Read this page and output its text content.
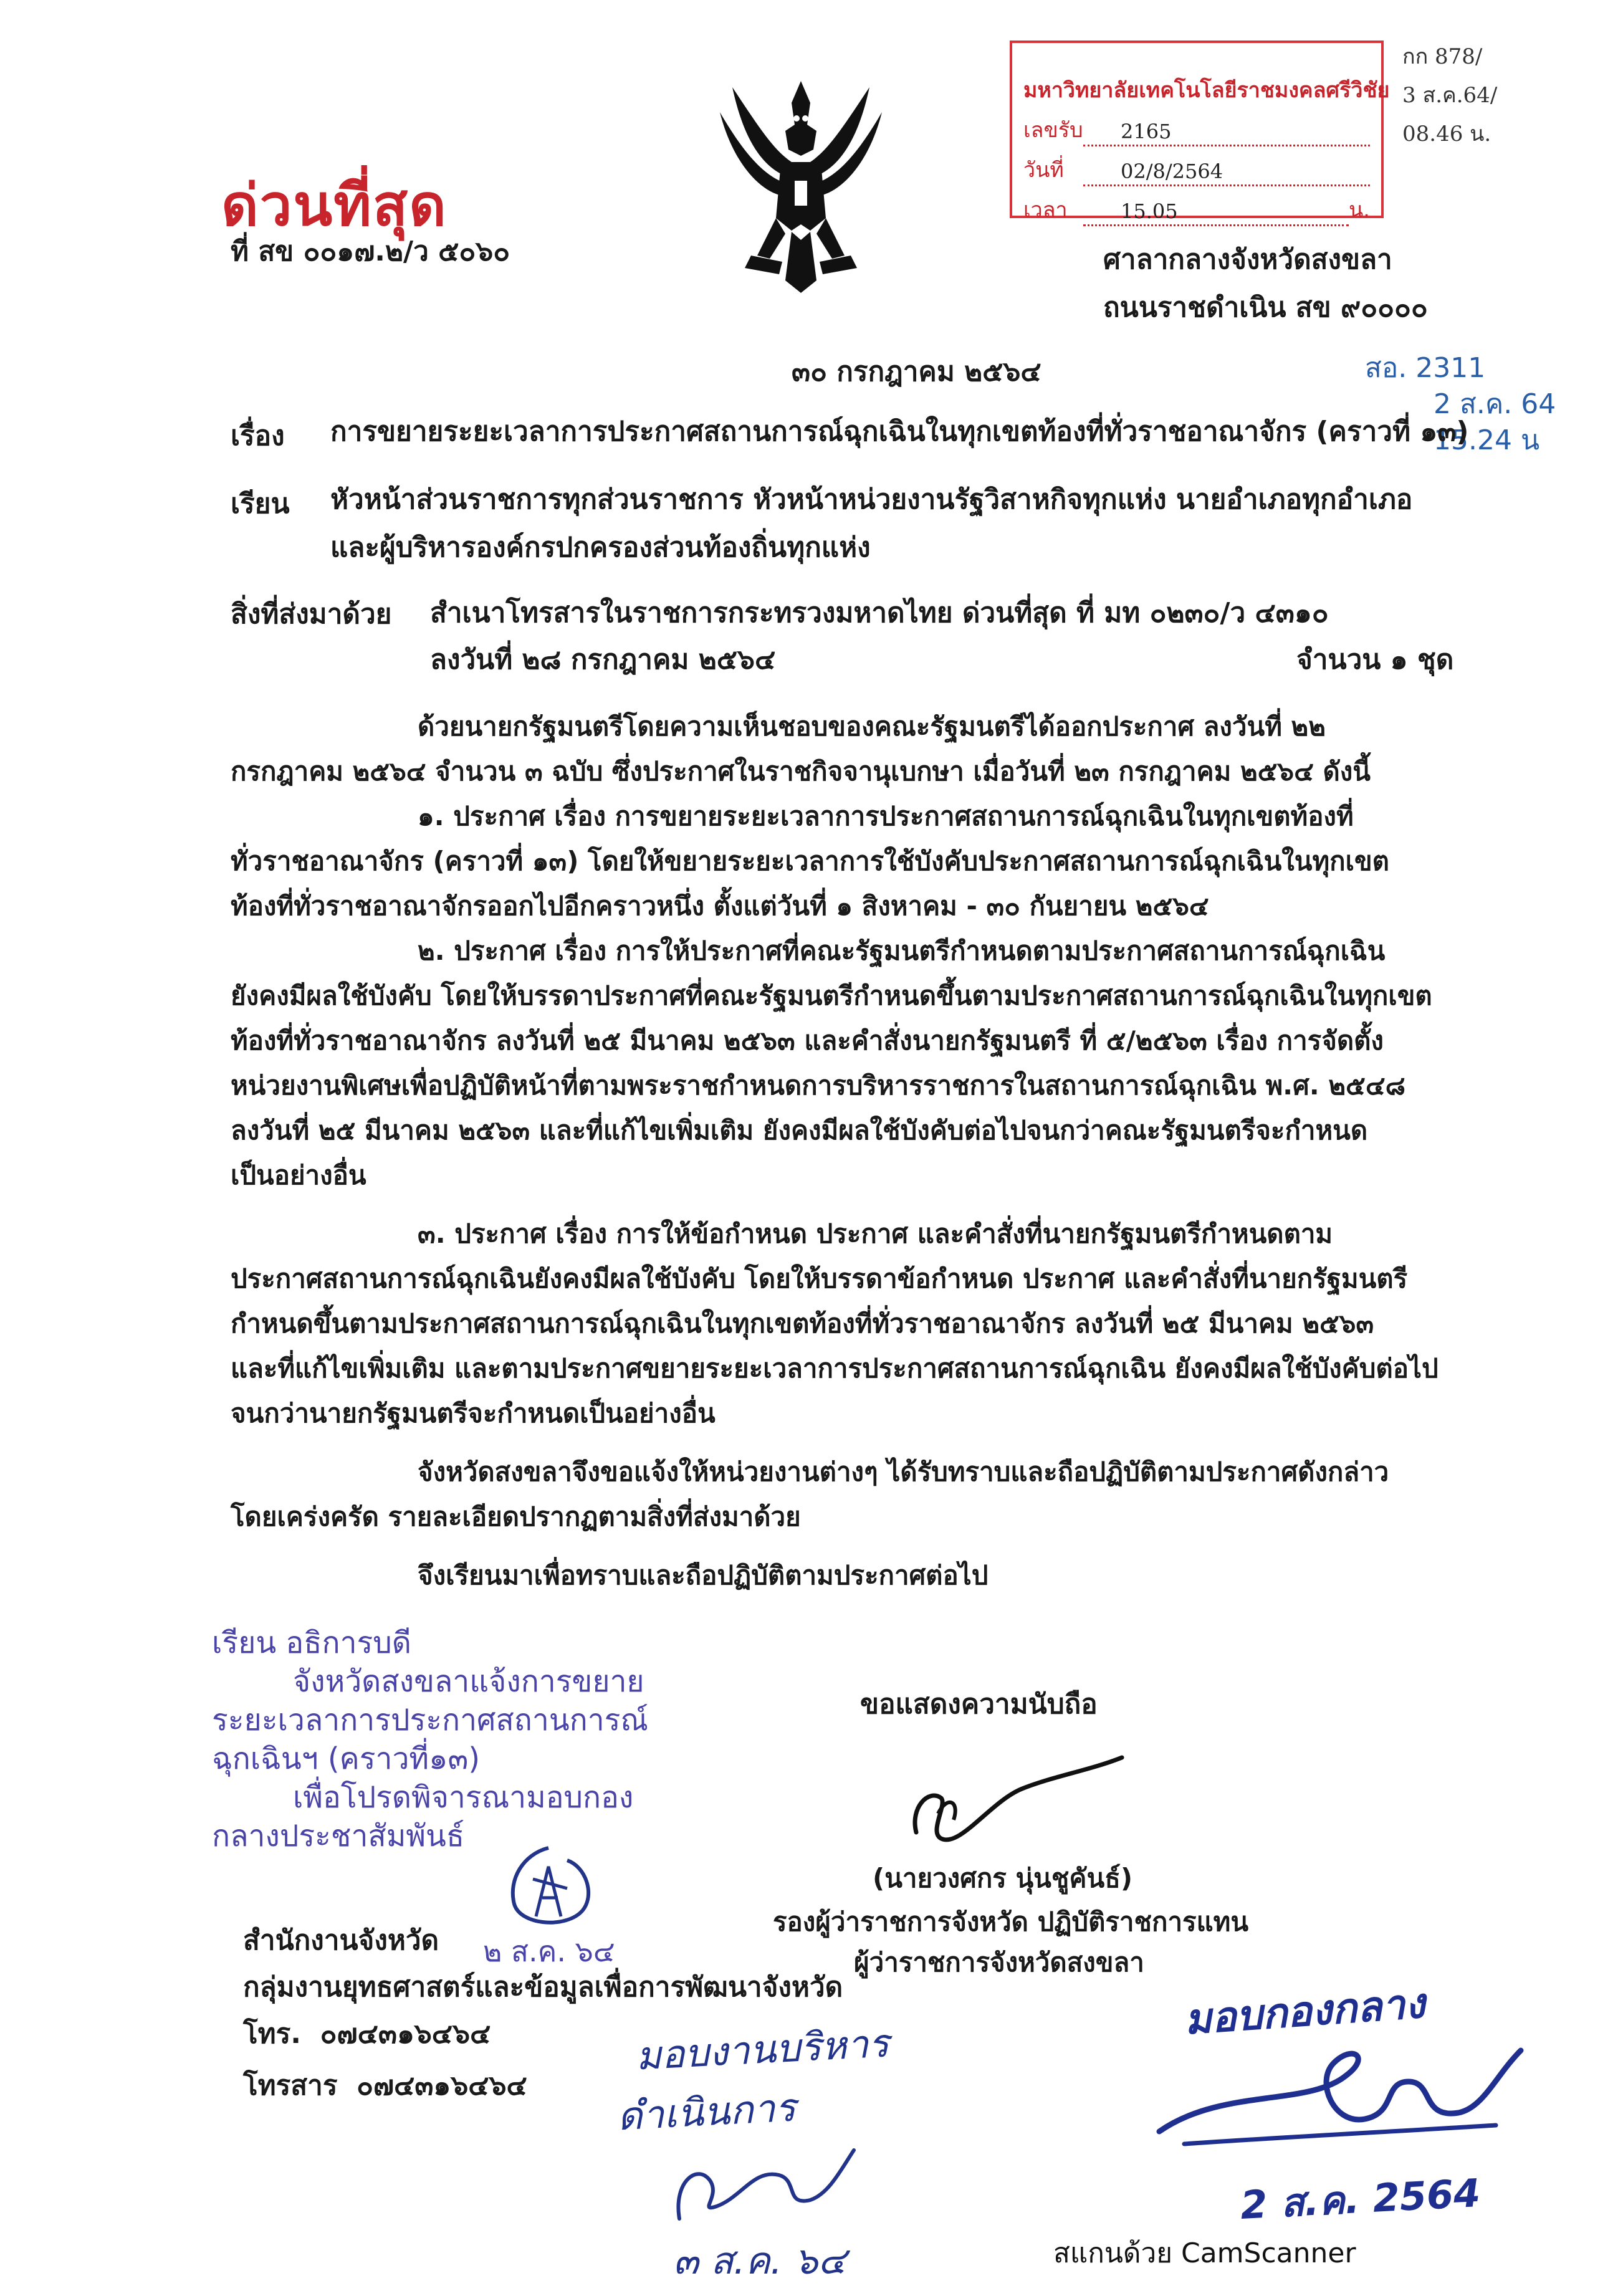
ด่วนที่สุด
ที่ สข ๐๐๑๗.๒/ว ๕๐๖๐
มหาวิทยาลัยเทคโนโลยีราชมงคลศรีวิชัย
เลขรับ	2165
วันที่	02/8/2564
เวลา	15.05	น.
กก 878/
3 ส.ค.64/
08.46 น.
ศาลากลางจังหวัดสงขลา
ถนนราชดำเนิน สข ๙๐๐๐๐
๓๐ กรกฎาคม ๒๕๖๔	สอ. 2311
2 ส.ค. 64
15.24 น
เรื่อง การขยายระยะเวลาการประกาศสถานการณ์ฉุกเฉินในทุกเขตท้องที่ทั่วราชอาณาจักร (คราวที่ ๑๓)
เรียน หัวหน้าส่วนราชการทุกส่วนราชการ หัวหน้าหน่วยงานรัฐวิสาหกิจทุกแห่ง นายอำเภอทุกอำเภอ
และผู้บริหารองค์กรปกครองส่วนท้องถิ่นทุกแห่ง
สิ่งที่ส่งมาด้วย สำเนาโทรสารในราชการกระทรวงมหาดไทย ด่วนที่สุด ที่ มท ๐๒๓๐/ว ๔๓๑๐
ลงวันที่ ๒๘ กรกฎาคม ๒๕๖๔	จำนวน ๑ ชุด
ด้วยนายกรัฐมนตรีโดยความเห็นชอบของคณะรัฐมนตรีได้ออกประกาศ ลงวันที่ ๒๒
กรกฎาคม ๒๕๖๔ จำนวน ๓ ฉบับ ซึ่งประกาศในราชกิจจานุเบกษา เมื่อวันที่ ๒๓ กรกฎาคม ๒๕๖๔ ดังนี้
๑. ประกาศ เรื่อง การขยายระยะเวลาการประกาศสถานการณ์ฉุกเฉินในทุกเขตท้องที่
ทั่วราชอาณาจักร (คราวที่ ๑๓) โดยให้ขยายระยะเวลาการใช้บังคับประกาศสถานการณ์ฉุกเฉินในทุกเขต
ท้องที่ทั่วราชอาณาจักรออกไปอีกคราวหนึ่ง ตั้งแต่วันที่ ๑ สิงหาคม - ๓๐ กันยายน ๒๕๖๔
๒. ประกาศ เรื่อง การให้ประกาศที่คณะรัฐมนตรีกำหนดตามประกาศสถานการณ์ฉุกเฉิน
ยังคงมีผลใช้บังคับ โดยให้บรรดาประกาศที่คณะรัฐมนตรีกำหนดขึ้นตามประกาศสถานการณ์ฉุกเฉินในทุกเขต
ท้องที่ทั่วราชอาณาจักร ลงวันที่ ๒๕ มีนาคม ๒๕๖๓ และคำสั่งนายกรัฐมนตรี ที่ ๕/๒๕๖๓ เรื่อง การจัดตั้ง
หน่วยงานพิเศษเพื่อปฏิบัติหน้าที่ตามพระราชกำหนดการบริหารราชการในสถานการณ์ฉุกเฉิน พ.ศ. ๒๕๔๘
ลงวันที่ ๒๕ มีนาคม ๒๕๖๓ และที่แก้ไขเพิ่มเติม ยังคงมีผลใช้บังคับต่อไปจนกว่าคณะรัฐมนตรีจะกำหนด
เป็นอย่างอื่น
๓. ประกาศ เรื่อง การให้ข้อกำหนด ประกาศ และคำสั่งที่นายกรัฐมนตรีกำหนดตาม
ประกาศสถานการณ์ฉุกเฉินยังคงมีผลใช้บังคับ โดยให้บรรดาข้อกำหนด ประกาศ และคำสั่งที่นายกรัฐมนตรี
กำหนดขึ้นตามประกาศสถานการณ์ฉุกเฉินในทุกเขตท้องที่ทั่วราชอาณาจักร ลงวันที่ ๒๕ มีนาคม ๒๕๖๓
และที่แก้ไขเพิ่มเติม และตามประกาศขยายระยะเวลาการประกาศสถานการณ์ฉุกเฉิน ยังคงมีผลใช้บังคับต่อไป
จนกว่านายกรัฐมนตรีจะกำหนดเป็นอย่างอื่น
จังหวัดสงขลาจึงขอแจ้งให้หน่วยงานต่างๆ ได้รับทราบและถือปฏิบัติตามประกาศดังกล่าว
โดยเคร่งครัด รายละเอียดปรากฏตามสิ่งที่ส่งมาด้วย
จึงเรียนมาเพื่อทราบและถือปฏิบัติตามประกาศต่อไป
เรียน อธิการบดี
จังหวัดสงขลาแจ้งการขยาย
ระยะเวลาการประกาศสถานการณ์
ฉุกเฉินฯ (คราวที่๑๓)
เพื่อโปรดพิจารณามอบกอง
กลางประชาสัมพันธ์
๒ ส.ค. ๖๔
ขอแสดงความนับถือ
(นายวงศกร นุ่นชูคันธ์)
รองผู้ว่าราชการจังหวัด ปฏิบัติราชการแทน
ผู้ว่าราชการจังหวัดสงขลา
สำนักงานจังหวัด
กลุ่มงานยุทธศาสตร์และข้อมูลเพื่อการพัฒนาจังหวัด
โทร. ๐๗๔๓๑๖๔๖๔
โทรสาร ๐๗๔๓๑๖๔๖๔
มอบงานบริหาร
ดำเนินการ
๓ ส.ค. ๖๔
มอบกองกลาง
2 ส.ค. 2564
สแกนด้วย CamScanner
